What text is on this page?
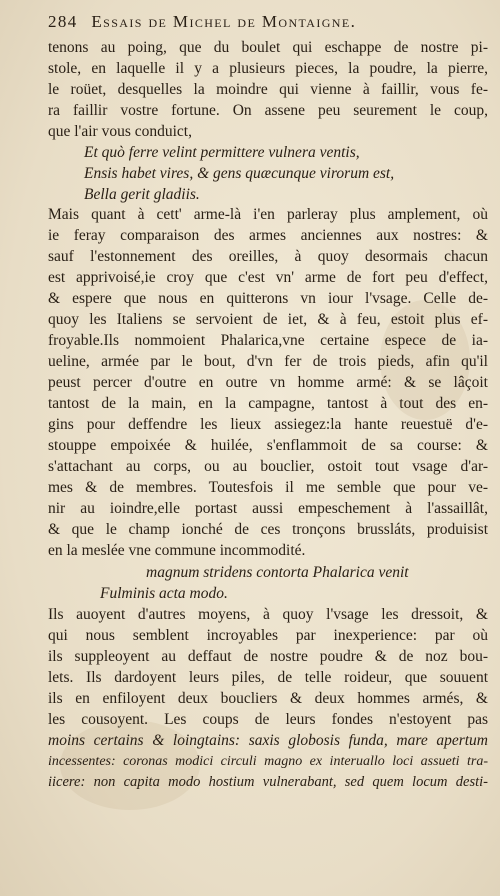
284 Essais de Michel de Montaigne.
tenons au poing, que du boulet qui eschappe de nostre pi-
stole, en laquelle il y a plusieurs pieces, la poudre, la pierre,
le roüet, desquelles la moindre qui vienne à faillir, vous fe-
ra faillir vostre fortune. On assene peu seurement le coup,
que l'air vous conduict,
Et quò ferre velint permittere vulnera ventis,
Ensis habet vires, & gens quæcunque virorum est,
Bella gerit gladiis.
Mais quant à cett' arme-là i'en parleray plus amplement, où
ie feray comparaison des armes anciennes aux nostres: &
sauf l'estonnement des oreilles, à quoy desormais chacun
est apprivoisé,ie croy que c'est vn' arme de fort peu d'effect,
& espere que nous en quitterons vn iour l'vsage. Celle de-
quoy les Italiens se servoient de iet, & à feu, estoit plus ef-
froyable.Ils nommoient Phalarica,vne certaine espece de ia-
ueline, armée par le bout, d'vn fer de trois pieds, afin qu'il
peust percer d'outre en outre vn homme armé: & se lâçoit
tantost de la main, en la campagne, tantost à tout des en-
gins pour deffendre les lieux assiegez:la hante reuestuë d'e-
stouppe empoixée & huilée, s'enflammoit de sa course: &
s'attachant au corps, ou au bouclier, ostoit tout vsage d'ar-
mes & de membres. Toutesfois il me semble que pour ve-
nir au ioindre,elle portast aussi empeschement à l'assaillât,
& que le champ ionché de ces tronçons brussláts, produisist
en la meslée vne commune incommodité.
magnum stridens contorta Phalarica venit
Fulminis acta modo.
Ils auoyent d'autres moyens, à quoy l'vsage les dressoit, &
qui nous semblent incroyables par inexperience: par où
ils suppleoyent au deffaut de nostre poudre & de noz bou-
lets. Ils dardoyent leurs piles, de telle roideur, que souuent
ils en enfiloyent deux boucliers & deux hommes armés, &
les cousoyent. Les coups de leurs fondes n'estoyent pas
moins certains & loingtains: saxis globosis funda, mare apertum
incessentes: coronas modici circuli magno ex interuallo loci assueti tra-
iicere: non capita modo hostium vulnerabant, sed quem locum desti-
